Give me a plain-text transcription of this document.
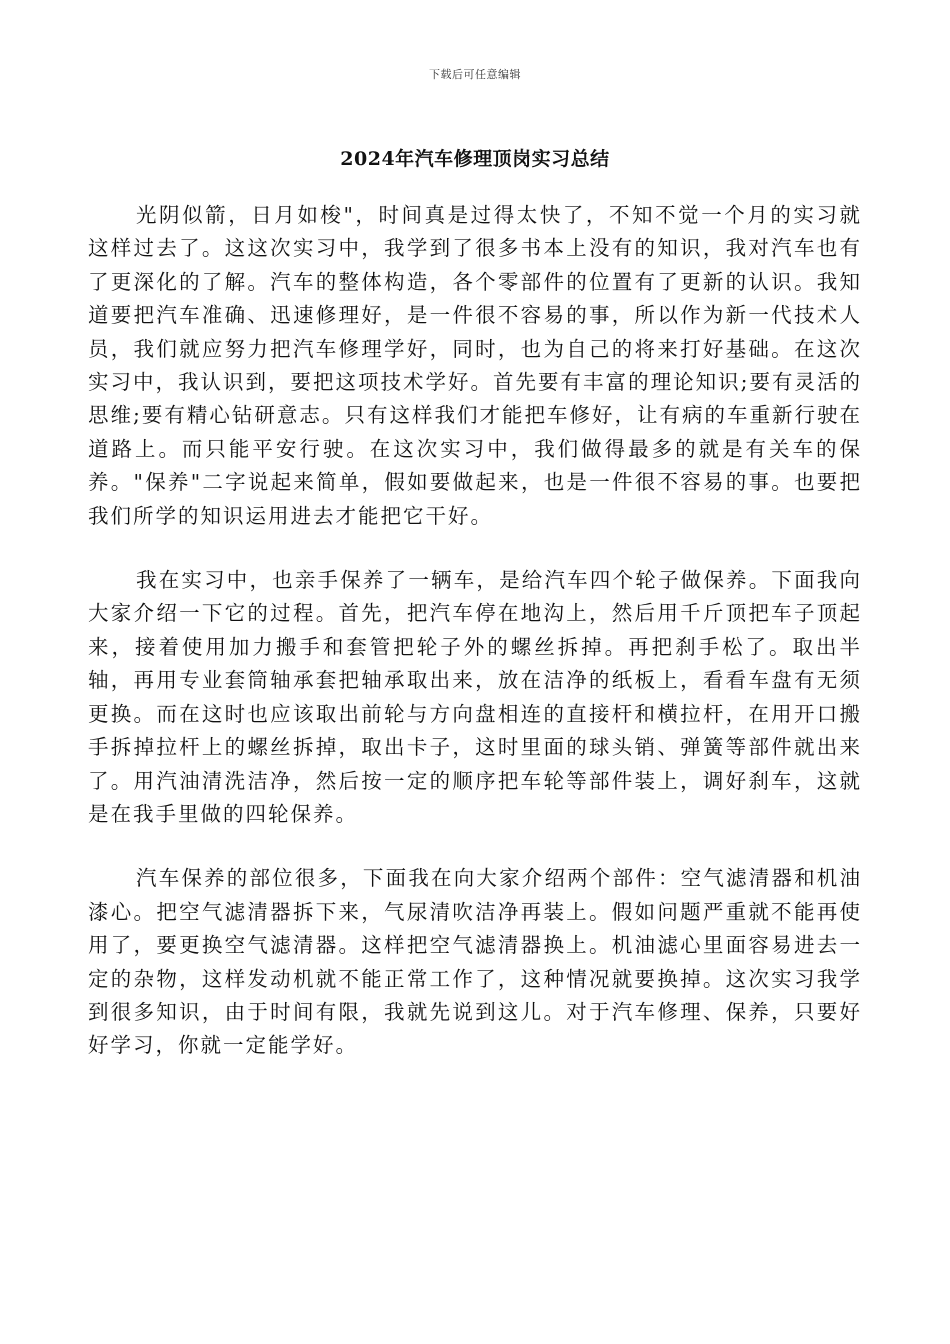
下载后可任意编辑
2024年汽车修理顶岗实习总结

光阴似箭，日月如梭"，时间真是过得太快了，不知不觉一个月的实习就这样过去了。这这次实习中，我学到了很多书本上没有的知识，我对汽车也有了更深化的了解。汽车的整体构造，各个零部件的位置有了更新的认识。我知道要把汽车准确、迅速修理好，是一件很不容易的事，所以作为新一代技术人员，我们就应努力把汽车修理学好，同时，也为自己的将来打好基础。在这次实习中，我认识到，要把这项技术学好。首先要有丰富的理论知识;要有灵活的思维;要有精心钻研意志。只有这样我们才能把车修好，让有病的车重新行驶在道路上。而只能平安行驶。在这次实习中，我们做得最多的就是有关车的保养。"保养"二字说起来简单，假如要做起来，也是一件很不容易的事。也要把我们所学的知识运用进去才能把它干好。

我在实习中，也亲手保养了一辆车，是给汽车四个轮子做保养。下面我向大家介绍一下它的过程。首先，把汽车停在地沟上，然后用千斤顶把车子顶起来，接着使用加力搬手和套管把轮子外的螺丝拆掉。再把刹手松了。取出半轴，再用专业套筒轴承套把轴承取出来，放在洁净的纸板上，看看车盘有无须更换。而在这时也应该取出前轮与方向盘相连的直接杆和横拉杆，在用开口搬手拆掉拉杆上的螺丝拆掉，取出卡子，这时里面的球头销、弹簧等部件就出来了。用汽油清洗洁净，然后按一定的顺序把车轮等部件装上，调好刹车，这就是在我手里做的四轮保养。

汽车保养的部位很多，下面我在向大家介绍两个部件：空气滤清器和机油漆心。把空气滤清器拆下来，气尿清吹洁净再装上。假如问题严重就不能再使用了，要更换空气滤清器。这样把空气滤清器换上。机油滤心里面容易进去一定的杂物，这样发动机就不能正常工作了，这种情况就要换掉。这次实习我学到很多知识，由于时间有限，我就先说到这儿。对于汽车修理、保养，只要好好学习，你就一定能学好。
